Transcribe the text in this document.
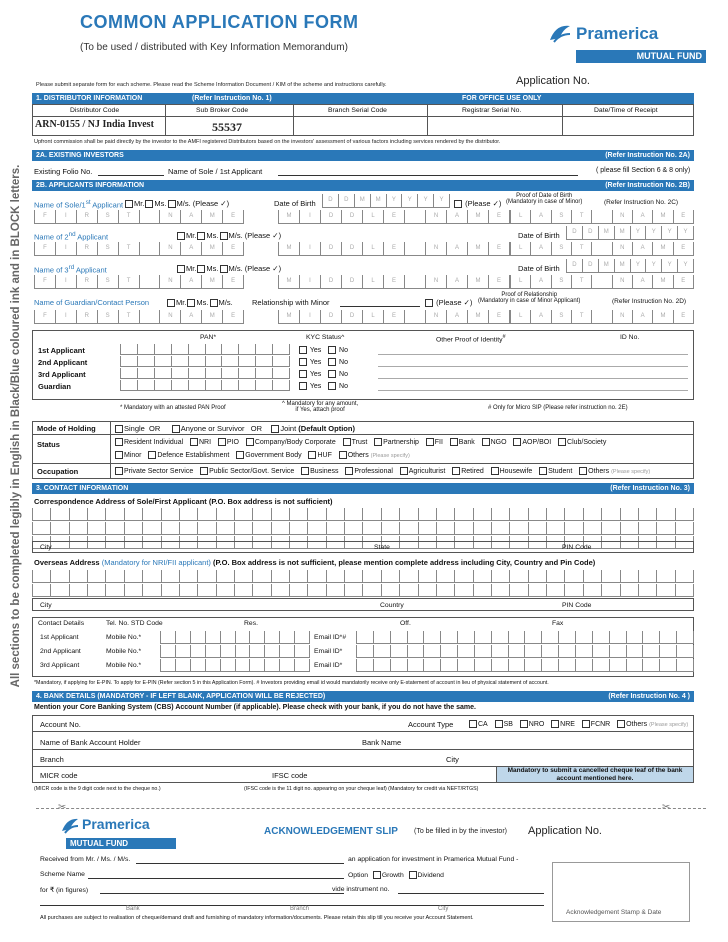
COMMON APPLICATION FORM
(To be used / distributed with Key Information Memorandum)
Pramerica
MUTUAL FUND
Please submit separate form for each scheme. Please read the Scheme Information Document / KIM of the scheme and instructions carefully.	Application No.
All sections to be completed legibly in English in Black/Blue coloured ink and in BLOCK letters.
1. DISTRIBUTOR INFORMATION	(Refer Instruction No. 1)	FOR OFFICE USE ONLY
Distributor Code	Sub Broker Code	Branch Serial Code	Registrar Serial No.	Date/Time of Receipt
ARN-0155 / NJ India Invest	55537
Upfront commission shall be paid directly by the investor to the AMFI registered Distributors based on the investors' assessment of various factors including services rendered by the distributor.
2A. EXISTING INVESTORS	(Refer Instruction No. 2A)
Existing Folio No.	Name of Sole / 1st Applicant	( please fill Section 6 & 8 only)
2B. APPLICANTS INFORMATION	(Refer Instruction No. 2B)
Name of Sole/1st Applicant	Mr. Ms. M/s. (Please ✓)	Date of Birth	D	D	M	M	Y	Y	Y	Y	(Please ✓)
Proof of Date of Birth
(Mandatory in case of Minor)	(Refer Instruction No. 2C)
F	I	R	S	T	N	A	M	E	M	I	D	D	L	E	N	A	M	E	L	A	S	T	N	A	M	E
Name of 2nd Applicant	Mr. Ms. M/s. (Please ✓)	Date of Birth	D	D	M	M	Y	Y	Y	Y
F	I	R	S	T	N	A	M	E	M	I	D	D	L	E	N	A	M	E	L	A	S	T	N	A	M	E
Name of 3rd Applicant	Mr. Ms. M/s. (Please ✓)	Date of Birth	D	D	M	M	Y	Y	Y	Y
F	I	R	S	T	N	A	M	E	M	I	D	D	L	E	N	A	M	E	L	A	S	T	N	A	M	E
Name of Guardian/Contact Person	Mr. Ms. M/s.	Relationship with Minor	(Please ✓)
Proof of Relationship
(Mandatory in case of Minor Applicant)	(Refer Instruction No. 2D)
F	I	R	S	T	N	A	M	E	M	I	D	D	L	E	N	A	M	E	L	A	S	T	N	A	M	E
PAN*	KYC Status^	Other Proof of Identity#	ID No.
1st Applicant	Yes	No
2nd Applicant	Yes	No
3rd Applicant	Yes	No
Guardian	Yes	No
* Mandatory with an attested PAN Proof
^ Mandatory for any amount,
if Yes, attach proof	# Only for Micro SIP (Please refer instruction no. 2E)
Mode of Holding	Single OR	Anyone or Survivor OR Joint (Default Option)
Status	Resident Individual NRI PIO Company/Body Corporate Trust Partnership FII Bank NGO AOP/BOI Club/Society
Minor Defence Establishment Government Body HUF Others (Please specify)
Occupation	Private Sector Service Public Sector/Govt. Service Business Professional Agriculturist Retired Housewife Student Others (Please specify)
3. CONTACT INFORMATION	(Refer Instruction No. 3)
Correspondence Address of Sole/First Applicant (P.O. Box address is not sufficient)
City	State	PIN Code
Overseas Address (Mandatory for NRI/FII applicant) (P.O. Box address is not sufficient, please mention complete address including City, Country and Pin Code)
City	Country	PIN Code
Contact Details	Tel. No. STD Code	Res.	Off.	Fax
1st Applicant	Mobile No.*	Email ID*#
2nd Applicant	Mobile No.*	Email ID*
3rd Applicant	Mobile No.*	Email ID*
*Mandatory, if applying for E-PIN. To apply for E-PIN (Refer section 5 in this Application Form). # Investors providing email id would mandatorily receive only E-statement of account in lieu of physical statement of account.
4. BANK DETAILS (MANDATORY - IF LEFT BLANK, APPLICATION WILL BE REJECTED)	(Refer Instruction No. 4 )
Mention your Core Banking System (CBS) Account Number (if applicable). Please check with your bank, if you do not have the same.
Account No.	Account Type	CA SB NRO NRE FCNR Others (Please specify)
Name of Bank Account Holder	Bank Name
Branch	City
MICR code	IFSC code
Mandatory to submit a cancelled cheque leaf of the bank account mentioned here.
(MICR code is the 9 digit code next to the cheque no.)	(IFSC code is the 11 digit no. appearing on your cheque leaf) (Mandatory for credit via NEFT/RTGS)
✂	✂
Pramerica
MUTUAL FUND
ACKNOWLEDGEMENT SLIP (To be filled in by the investor) Application No.
Received from Mr. / Ms. / M/s.	an application for investment in Pramerica Mutual Fund -
Scheme Name	Option Growth Dividend
for ₹ (in figures)	vide instrument no.
Bank	Branch	City
All purchases are subject to realisation of cheque/demand draft and furnishing of mandatory information/documents. Please retain this slip till you receive your Account Statement.
Acknowledgement Stamp & Date
